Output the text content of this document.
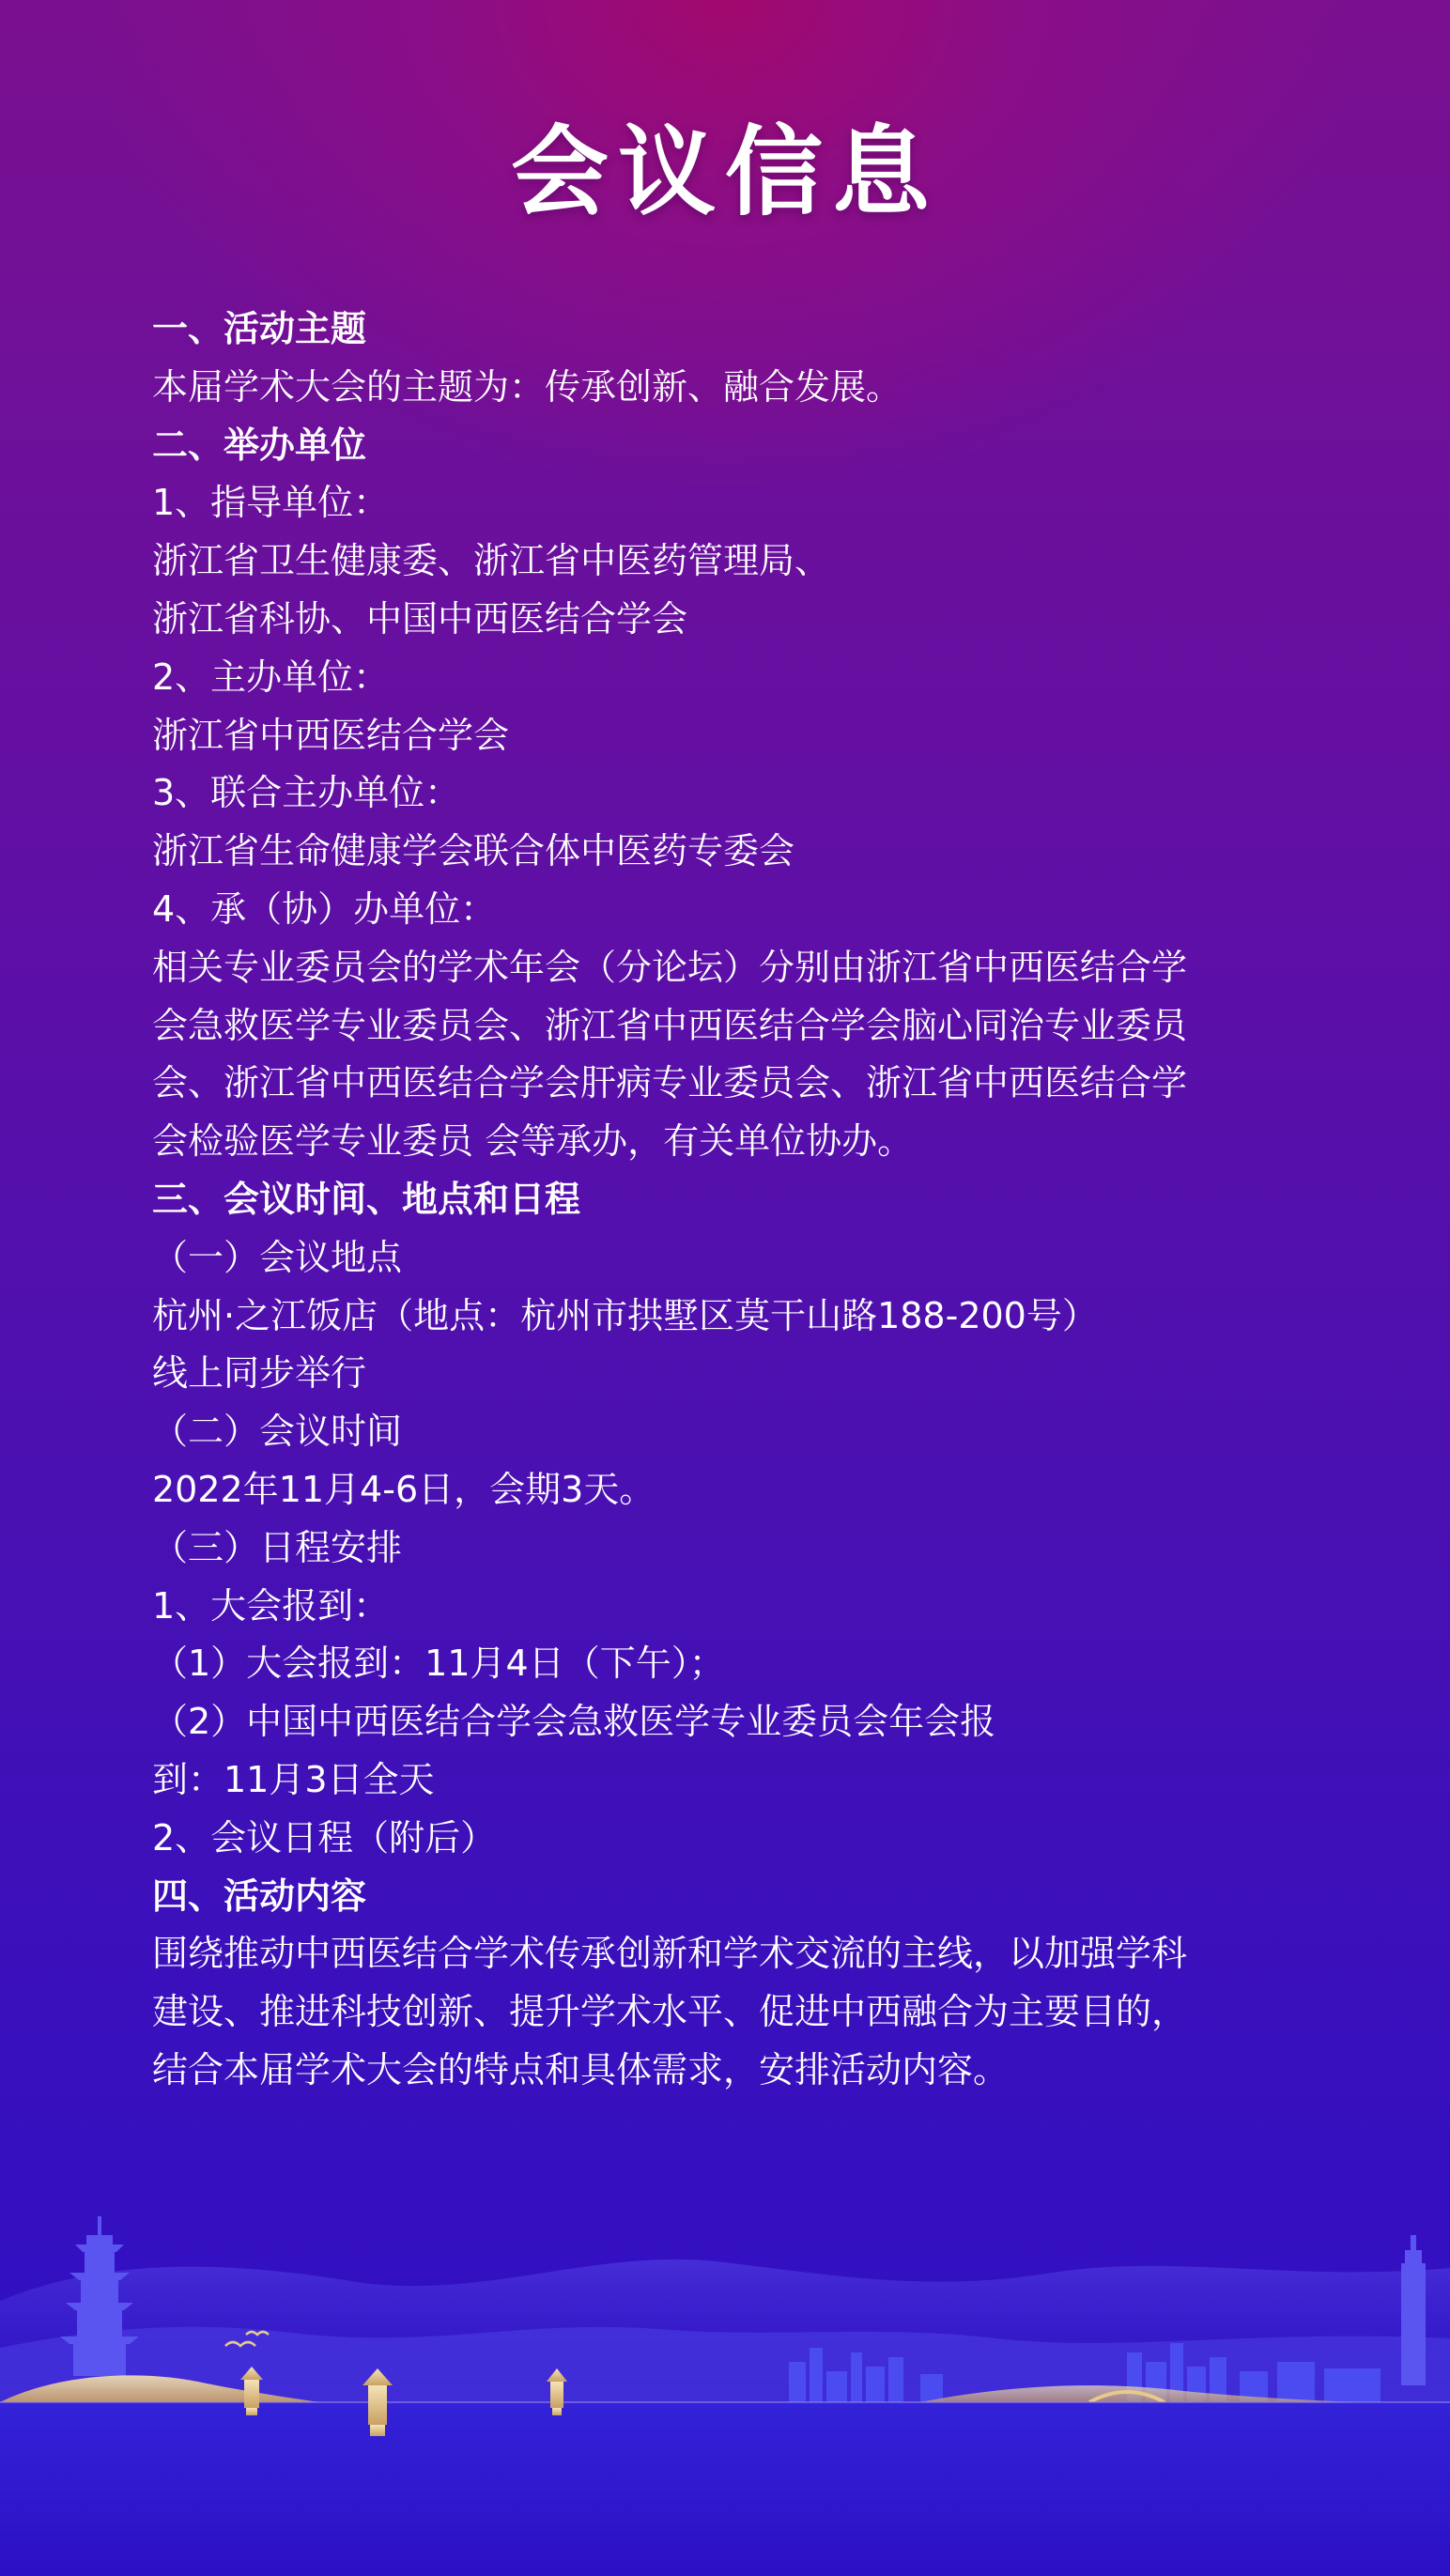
会议信息
一、活动主题
本届学术大会的主题为：传承创新、融合发展。
二、举办单位
1、指导单位：
浙江省卫生健康委、浙江省中医药管理局、
浙江省科协、中国中西医结合学会
2、主办单位：
浙江省中西医结合学会
3、联合主办单位：
浙江省生命健康学会联合体中医药专委会
4、承（协）办单位：
相关专业委员会的学术年会（分论坛）分别由浙江省中西医结合学
会急救医学专业委员会、浙江省中西医结合学会脑心同治专业委员
会、浙江省中西医结合学会肝病专业委员会、浙江省中西医结合学
会检验医学专业委员 会等承办，有关单位协办。
三、会议时间、地点和日程
（一）会议地点
杭州·之江饭店（地点：杭州市拱墅区莫干山路188-200号）
线上同步举行
（二）会议时间
2022年11月4-6日，会期3天。
（三）日程安排
1、大会报到：
（1）大会报到：11月4日（下午）；
（2）中国中西医结合学会急救医学专业委员会年会报
到：11月3日全天
2、会议日程（附后）
四、活动内容
围绕推动中西医结合学术传承创新和学术交流的主线，以加强学科
建设、推进科技创新、提升学术水平、促进中西融合为主要目的，
结合本届学术大会的特点和具体需求，安排活动内容。
